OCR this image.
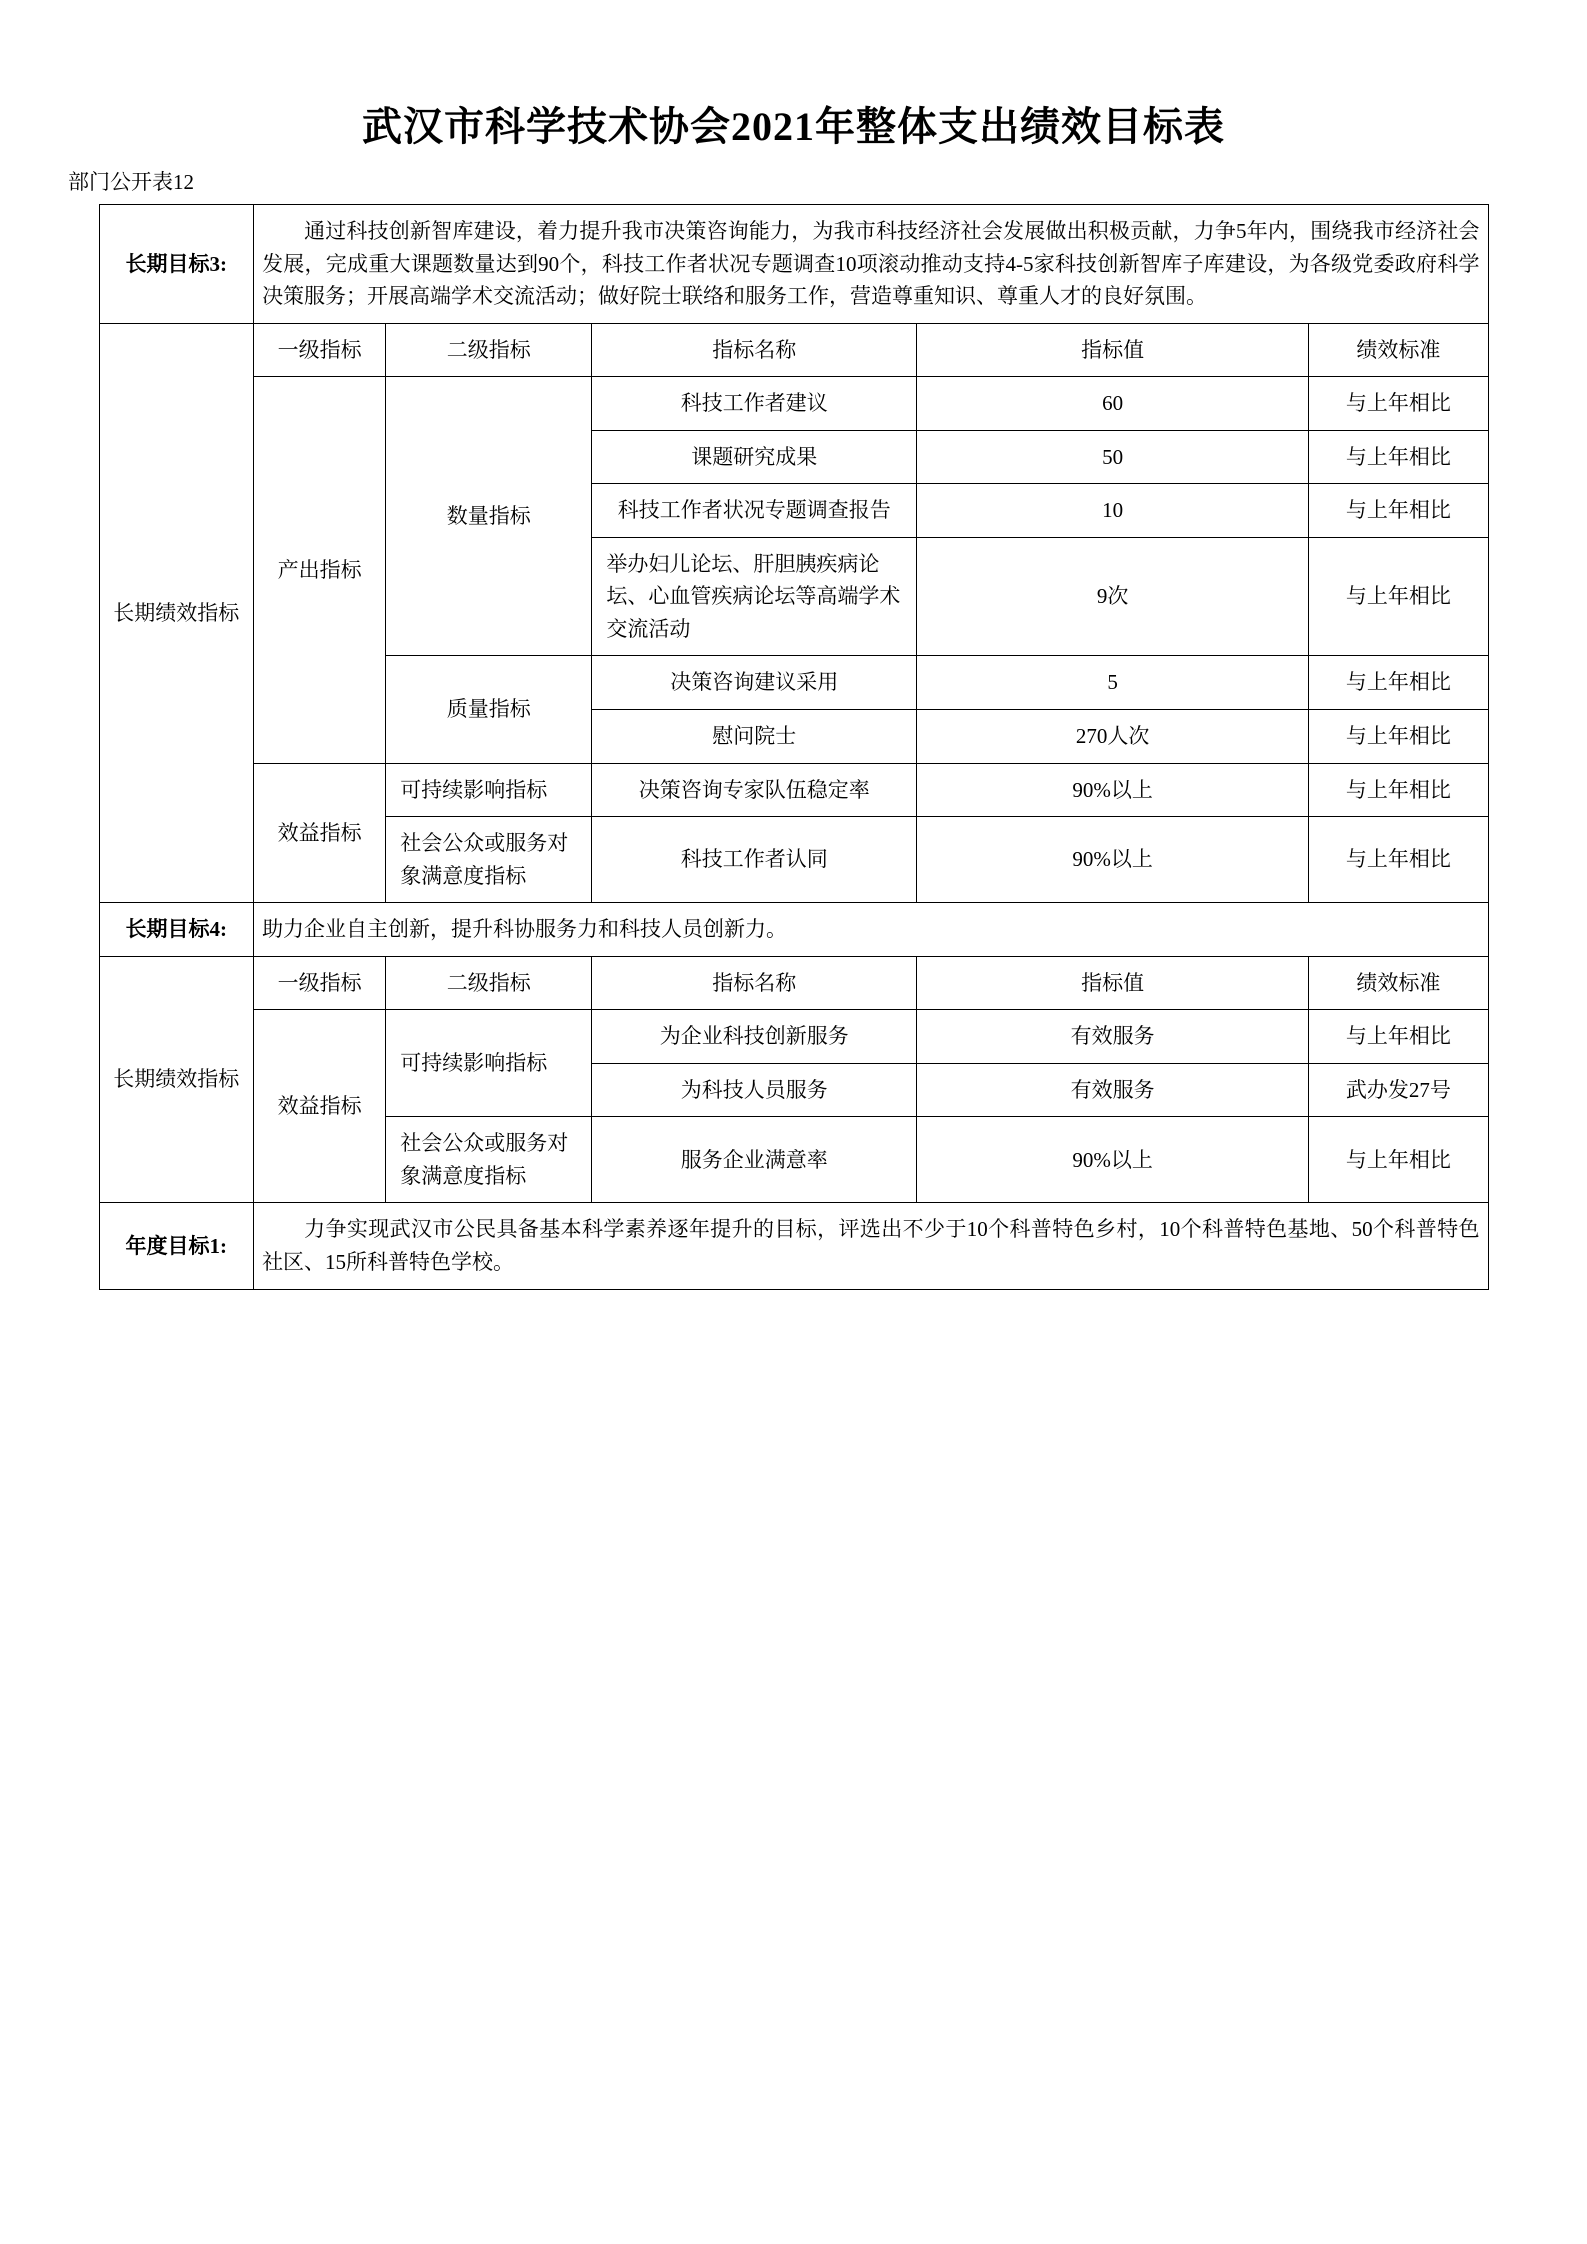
武汉市科学技术协会2021年整体支出绩效目标表
部门公开表12
长期目标3:	通过科技创新智库建设，着力提升我市决策咨询能力，为我市科技经济社会发展做出积极贡献，力争5年内，围绕我市经济社会发展，完成重大课题数量达到90个，科技工作者状况专题调查10项滚动推动支持4-5家科技创新智库子库建设，为各级党委政府科学决策服务；开展高端学术交流活动；做好院士联络和服务工作，营造尊重知识、尊重人才的良好氛围。				

长期绩效指标	一级指标	二级指标	指标名称	指标值	绩效标准
	产出指标	数量指标	科技工作者建议	60	与上年相比
			课题研究成果	50	与上年相比
			科技工作者状况专题调查报告	10	与上年相比
			举办妇儿论坛、肝胆胰疾病论坛、心血管疾病论坛等高端学术交流活动	9次	与上年相比
		质量指标	决策咨询建议采用	5	与上年相比
			慰问院士	270人次	与上年相比
	效益指标	可持续影响指标	决策咨询专家队伍稳定率	90%以上	与上年相比
		社会公众或服务对象满意度指标	科技工作者认同	90%以上	与上年相比
长期目标4:	助力企业自主创新，提升科协服务力和科技人员创新力。				

长期绩效指标	一级指标	二级指标	指标名称	指标值	绩效标准
	效益指标	可持续影响指标	为企业科技创新服务	有效服务	与上年相比
			为科技人员服务	有效服务	武办发27号
		社会公众或服务对象满意度指标	服务企业满意率	90%以上	与上年相比
年度目标1:	力争实现武汉市公民具备基本科学素养逐年提升的目标，评选出不少于10个科普特色乡村，10个科普特色基地、50个科普特色社区、15所科普特色学校。				
